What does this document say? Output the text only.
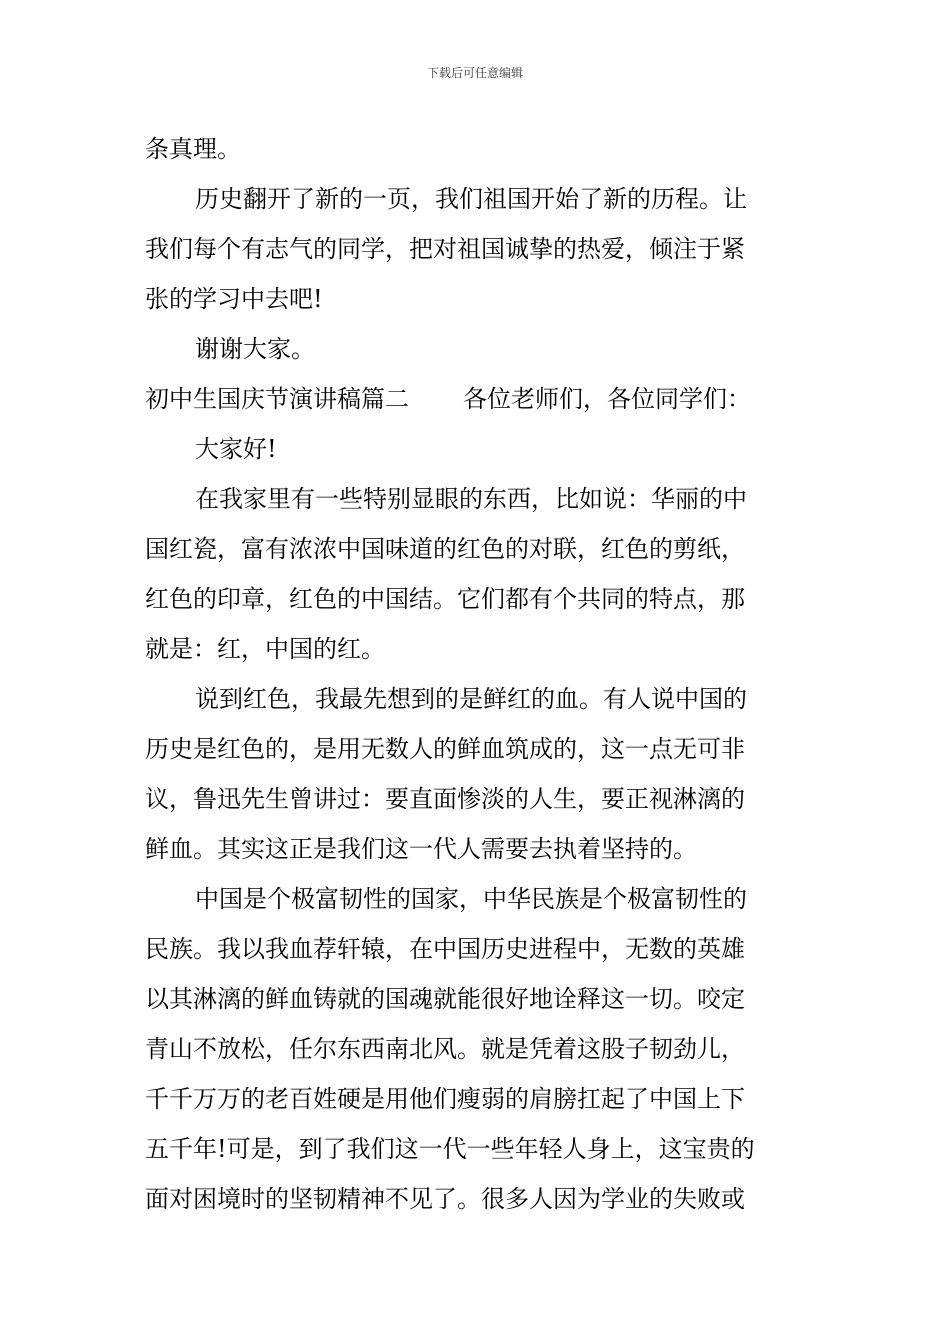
下载后可任意编辑
条真理。
历史翻开了新的一页，我们祖国开始了新的历程。让
我们每个有志气的同学，把对祖国诚挚的热爱，倾注于紧
张的学习中去吧!
谢谢大家。
初中生国庆节演讲稿篇二 各位老师们，各位同学们：
大家好!
在我家里有一些特别显眼的东西，比如说：华丽的中
国红瓷，富有浓浓中国味道的红色的对联，红色的剪纸，
红色的印章，红色的中国结。它们都有个共同的特点，那
就是：红，中国的红。
说到红色，我最先想到的是鲜红的血。有人说中国的
历史是红色的，是用无数人的鲜血筑成的，这一点无可非
议，鲁迅先生曾讲过：要直面惨淡的人生，要正视淋漓的
鲜血。其实这正是我们这一代人需要去执着坚持的。
中国是个极富韧性的国家，中华民族是个极富韧性的
民族。我以我血荐轩辕，在中国历史进程中，无数的英雄
以其淋漓的鲜血铸就的国魂就能很好地诠释这一切。咬定
青山不放松，任尔东西南北风。就是凭着这股子韧劲儿，
千千万万的老百姓硬是用他们瘦弱的肩膀扛起了中国上下
五千年!可是，到了我们这一代一些年轻人身上，这宝贵的
面对困境时的坚韧精神不见了。很多人因为学业的失败或
